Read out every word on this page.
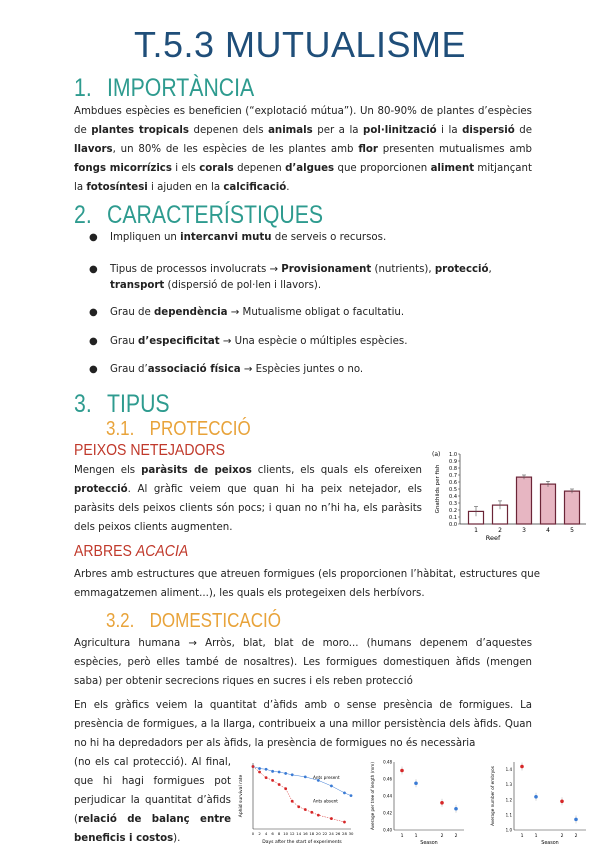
T.5.3 MUTUALISME
1. IMPORTÀNCIA
Ambdues espècies es beneficien (“explotació mútua”). Un 80-90% de plantes d’espècies de plantes tropicals depenen dels animals per a la pol·linització i la dispersió de llavors, un 80% de les espècies de les plantes amb flor presenten mutualismes amb fongs micorrízics i els corals depenen d’algues que proporcionen aliment mitjançant la fotosíntesi i ajuden en la calcificació.
2. CARACTERÍSTIQUES
● Impliquen un intercanvi mutu de serveis o recursos.
● Tipus de processos involucrats → Provisionament (nutrients), protecció, transport (dispersió de pol·len i llavors).
● Grau de dependència → Mutualisme obligat o facultatiu.
● Grau d’especificitat → Una espècie o múltiples espècies.
● Grau d’associació física → Espècies juntes o no.
3. TIPUS
3.1. PROTECCIÓ
PEIXOS NETEJADORS
Mengen els paràsits de peixos clients, els quals els ofereixen protecció. Al gràfic veiem que quan hi ha peix netejador, els paràsits dels peixos clients són pocs; i quan no n’hi ha, els paràsits dels peixos clients augmenten.
(a)
0.0
0.1
0.2
0.3
0.4
0.5
0.6
0.7
0.8
0.9
1.0
Gnathiids per fish
1	2	3	4	5
Reef
ARBRES ACACIA
Arbres amb estructures que atreuen formigues (els proporcionen l’hàbitat, estructures que emmagatzemen aliment...), les quals els protegeixen dels herbívors.
3.2. DOMESTICACIÓ
Agricultura humana → Arròs, blat, blat de moro... (humans depenem d’aquestes espècies, però elles també de nosaltres). Les formigues domestiquen àfids (mengen saba) per obtenir secrecions riques en sucres i els reben protecció
En els gràfics veiem la quantitat d’àfids amb o sense presència de formigues. La presència de formigues, a la llarga, contribueix a una millor persistència dels àfids. Quan no hi ha depredadors per als àfids, la presència de formigues no és necessària
(no els cal protecció). Al final, que hi hagi formigues pot perjudicar la quantitat d’àfids (relació de balanç entre beneficis i costos).
Aphid survival rate
0 2 4 6 8 10 12 14 16 18 20 22 24 26 28 30
Days after the start of experiments
Ants present
Ants absent
0.40
0.42
0.44
0.46
0.48
Average per tree of length (mm)
1 1	2 2
Season
1.0
1.1
1.2
1.3
1.4
Average number of embryos
1 1	2 2
Season
